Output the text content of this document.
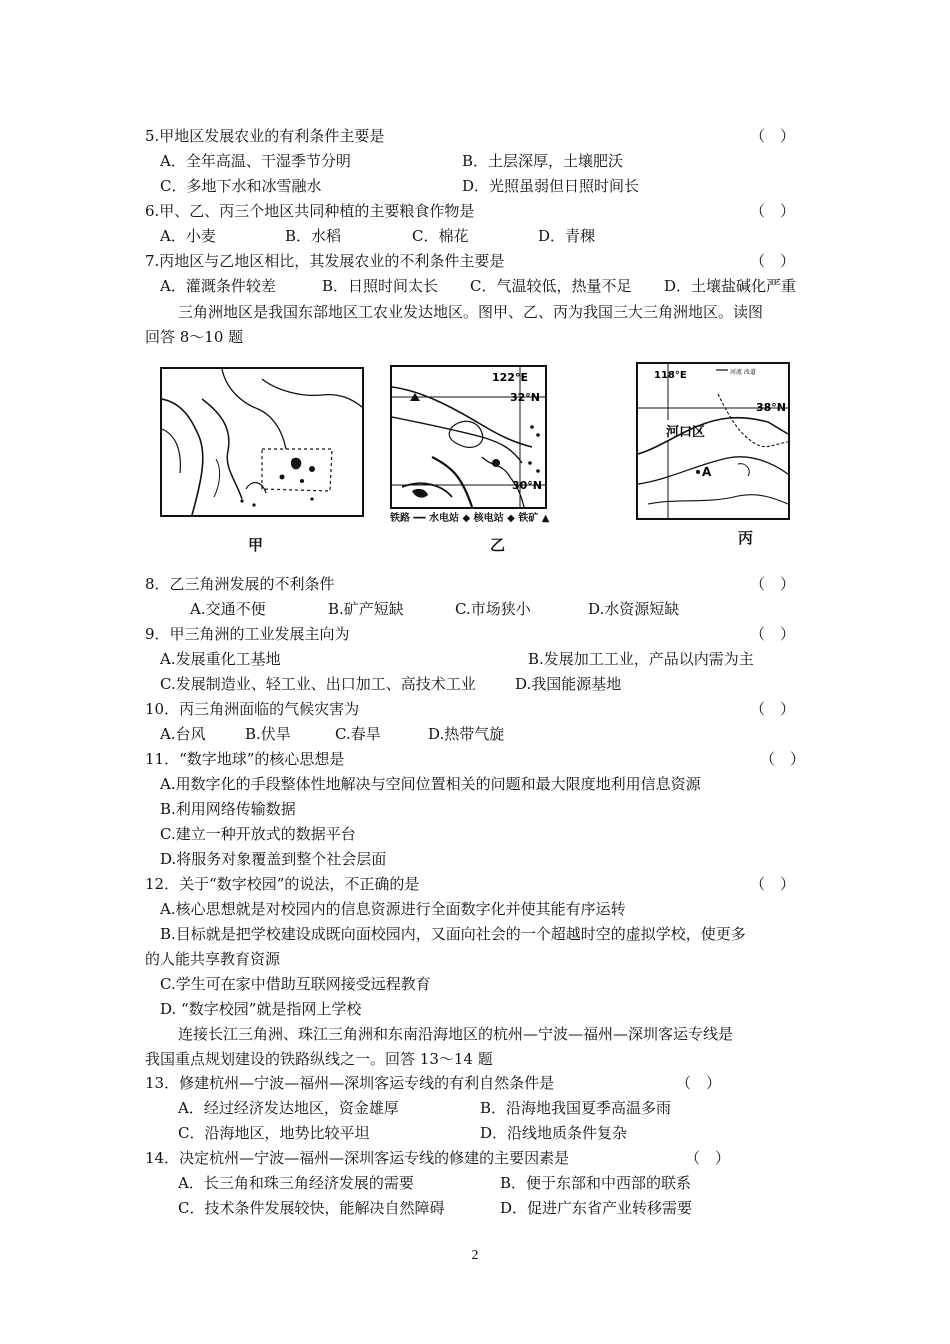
5.甲地区发展农业的有利条件主要是	（　）
A．全年高温、干湿季节分明	B．土层深厚，土壤肥沃
C．多地下水和冰雪融水	D．光照虽弱但日照时间长
6.甲、乙、丙三个地区共同种植的主要粮食作物是	（　）
A．小麦	B．水稻	C．棉花	D．青稞
7.丙地区与乙地区相比，其发展农业的不利条件主要是	（　）
A．灌溉条件较差	B．日照时间太长 C．气温较低，热量不足 D．土壤盐碱化严重
三角洲地区是我国东部地区工农业发达地区。图甲、乙、丙为我国三大三角洲地区。读图
回答 8～10 题
甲
122°E
32°N
30°N
铁路 ━━ 水电站 ◆ 核电站 ◆ 铁矿 ▲
乙
118°E
38°N
河流 改道
河口区
A
丙
8．乙三角洲发展的不利条件	（　）
A.交通不便	B.矿产短缺	C.市场狭小	D.水资源短缺
9．甲三角洲的工业发展主向为	（　）
A.发展重化工基地	B.发展加工工业，产品以内需为主
C.发展制造业、轻工业、出口加工、高技术工业	D.我国能源基地
10．丙三角洲面临的气候灾害为	（　）
A.台风	B.伏旱	C.春旱	D.热带气旋
11．“数字地球”的核心思想是	（　）
A.用数字化的手段整体性地解决与空间位置相关的问题和最大限度地利用信息资源
B.利用网络传输数据
C.建立一种开放式的数据平台
D.将服务对象覆盖到整个社会层面
12．关于“数字校园”的说法，不正确的是	（　）
A.核心思想就是对校园内的信息资源进行全面数字化并使其能有序运转
B.目标就是把学校建设成既向面校园内，又面向社会的一个超越时空的虚拟学校，使更多
的人能共享教育资源
C.学生可在家中借助互联网接受远程教育
D. “数字校园”就是指网上学校
连接长江三角洲、珠江三角洲和东南沿海地区的杭州—宁波—福州—深圳客运专线是
我国重点规划建设的铁路纵线之一。回答 13～14 题
13．修建杭州—宁波—福州—深圳客运专线的有利自然条件是	（　）
A．经过经济发达地区，资金雄厚	B．沿海地我国夏季高温多雨
C．沿海地区，地势比较平坦	D．沿线地质条件复杂
14．决定杭州—宁波—福州—深圳客运专线的修建的主要因素是	（　）
A．长三角和珠三角经济发展的需要	B．便于东部和中西部的联系
C．技术条件发展较快，能解决自然障碍	D．促进广东省产业转移需要
2
